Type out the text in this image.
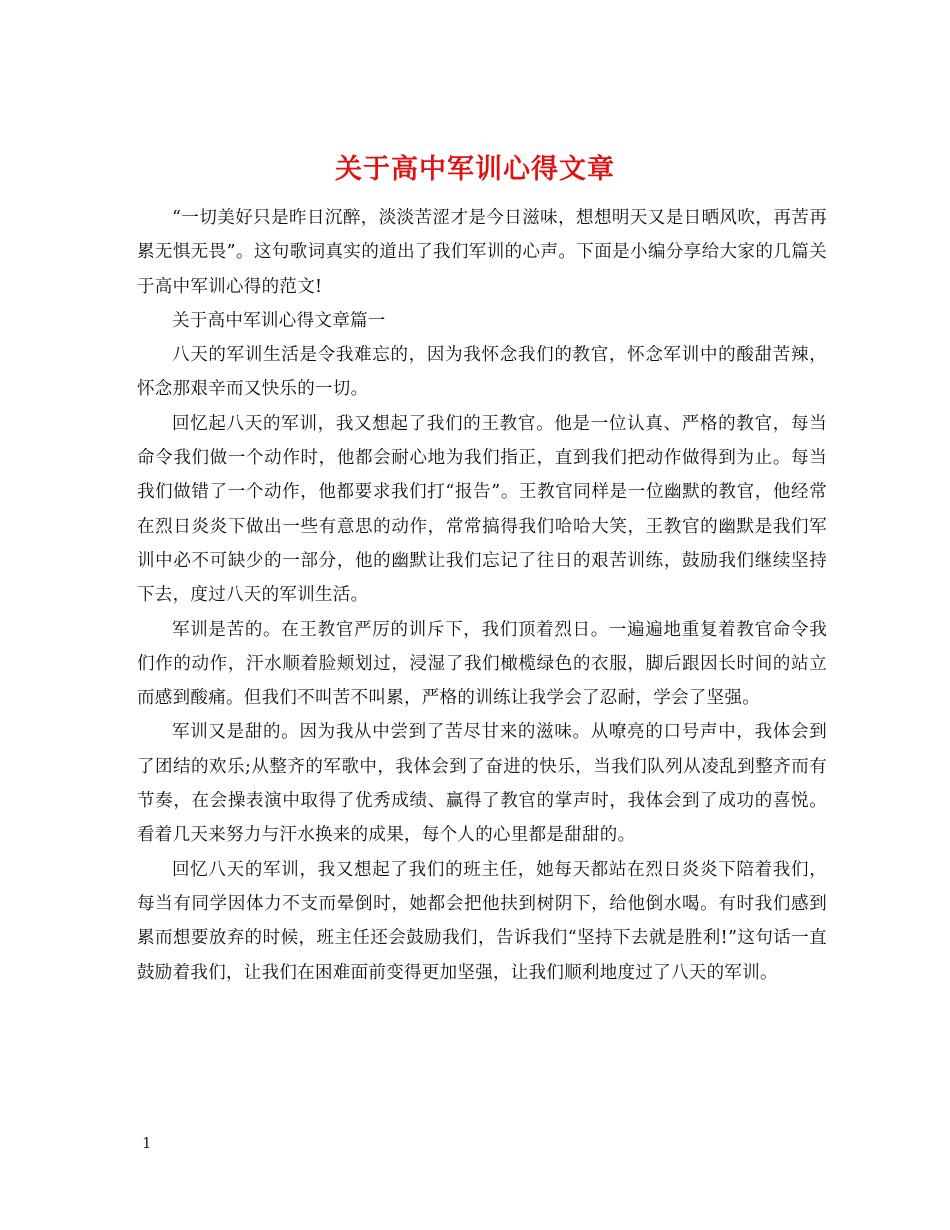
关于高中军训心得文章

“一切美好只是昨日沉醉，淡淡苦涩才是今日滋味，想想明天又是日晒风吹，再苦再累无惧无畏”。这句歌词真实的道出了我们军训的心声。下面是小编分享给大家的几篇关于高中军训心得的范文!

关于高中军训心得文章篇一

八天的军训生活是令我难忘的，因为我怀念我们的教官，怀念军训中的酸甜苦辣，怀念那艰辛而又快乐的一切。

回忆起八天的军训，我又想起了我们的王教官。他是一位认真、严格的教官，每当命令我们做一个动作时，他都会耐心地为我们指正，直到我们把动作做得到为止。每当我们做错了一个动作，他都要求我们打“报告”。王教官同样是一位幽默的教官，他经常在烈日炎炎下做出一些有意思的动作，常常搞得我们哈哈大笑，王教官的幽默是我们军训中必不可缺少的一部分，他的幽默让我们忘记了往日的艰苦训练，鼓励我们继续坚持下去，度过八天的军训生活。

军训是苦的。在王教官严厉的训斥下，我们顶着烈日。一遍遍地重复着教官命令我们作的动作，汗水顺着脸颊划过，浸湿了我们橄榄绿色的衣服，脚后跟因长时间的站立而感到酸痛。但我们不叫苦不叫累，严格的训练让我学会了忍耐，学会了坚强。

军训又是甜的。因为我从中尝到了苦尽甘来的滋味。从嘹亮的口号声中，我体会到了团结的欢乐;从整齐的军歌中，我体会到了奋进的快乐，当我们队列从凌乱到整齐而有节奏，在会操表演中取得了优秀成绩、赢得了教官的掌声时，我体会到了成功的喜悦。看着几天来努力与汗水换来的成果，每个人的心里都是甜甜的。

回忆八天的军训，我又想起了我们的班主任，她每天都站在烈日炎炎下陪着我们，每当有同学因体力不支而晕倒时，她都会把他扶到树阴下，给他倒水喝。有时我们感到累而想要放弃的时候，班主任还会鼓励我们，告诉我们“坚持下去就是胜利!”这句话一直鼓励着我们，让我们在困难面前变得更加坚强，让我们顺利地度过了八天的军训。

1
